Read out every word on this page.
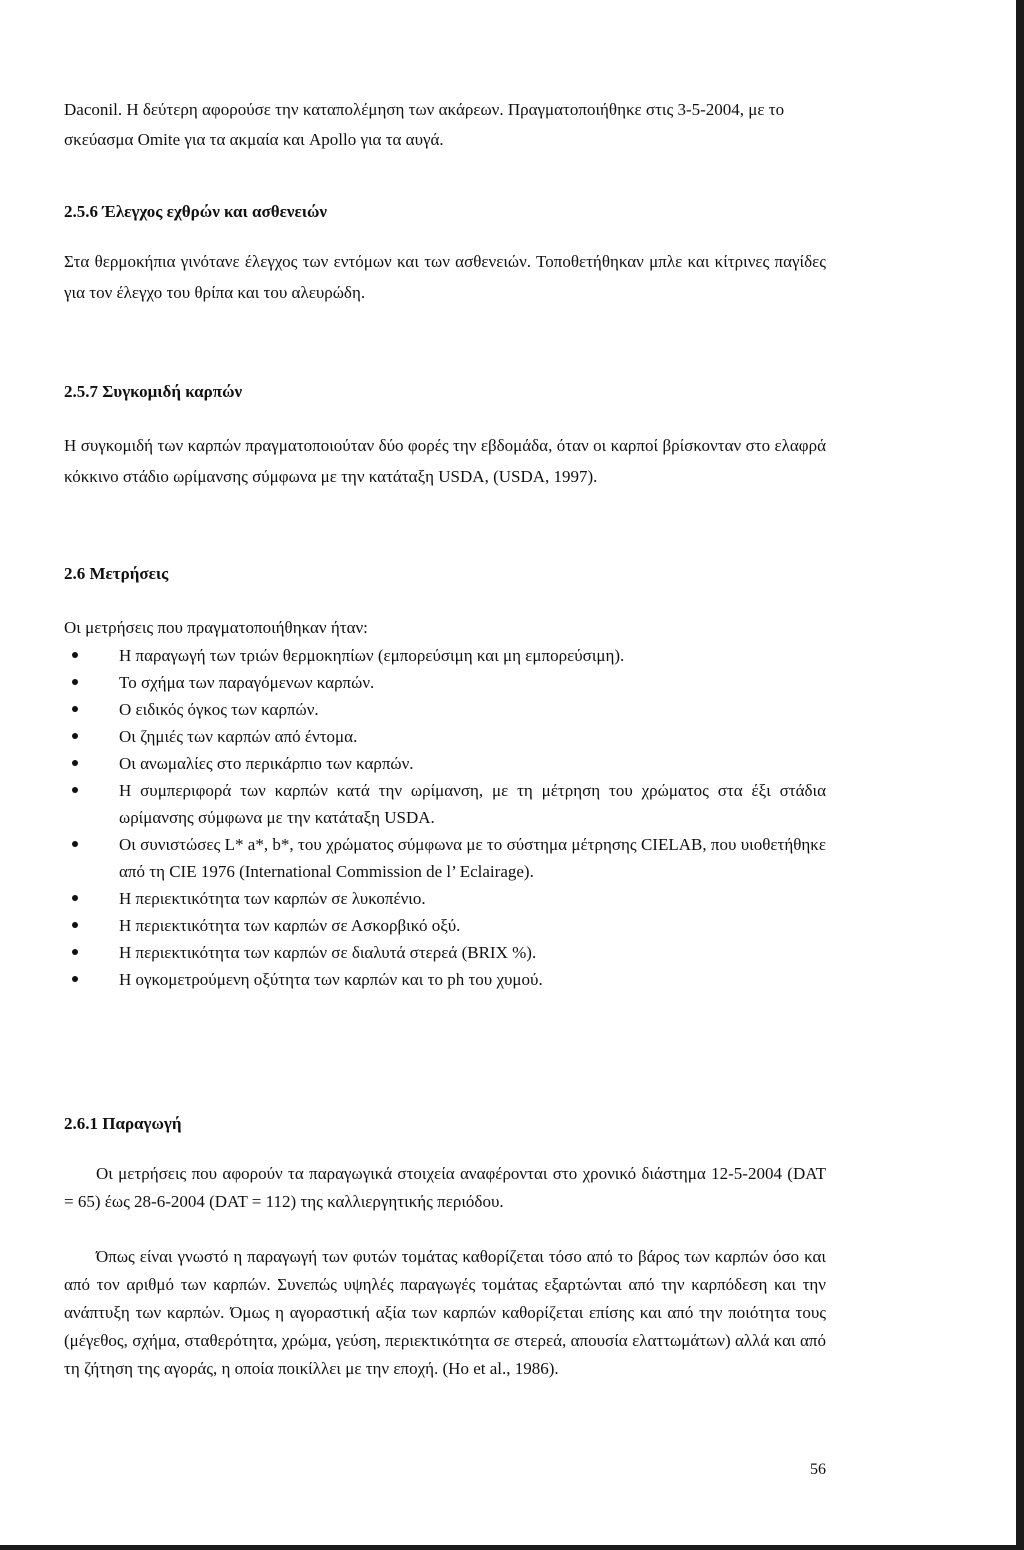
Daconil. Η δεύτερη αφορούσε την καταπολέμηση των ακάρεων. Πραγματοποιήθηκε στις 3-5-2004, με το σκεύασμα Omite για τα ακμαία και Apollo για τα αυγά.

2.5.6 Έλεγχος εχθρών και ασθενειών

Στα θερμοκήπια γινότανε έλεγχος των εντόμων και των ασθενειών. Τοποθετήθηκαν μπλε και κίτρινες παγίδες για τον έλεγχο του θρίπα και του αλευρώδη.

2.5.7 Συγκομιδή καρπών

Η συγκομιδή των καρπών πραγματοποιούταν δύο φορές την εβδομάδα, όταν οι καρποί βρίσκονταν στο ελαφρά κόκκινο στάδιο ωρίμανσης σύμφωνα με την κατάταξη USDA, (USDA, 1997).

2.6 Μετρήσεις

Οι μετρήσεις που πραγματοποιήθηκαν ήταν:

Η παραγωγή των τριών θερμοκηπίων (εμπορεύσιμη και μη εμπορεύσιμη).
Το σχήμα των παραγόμενων καρπών.
Ο ειδικός όγκος των καρπών.
Οι ζημιές των καρπών από έντομα.
Οι ανωμαλίες στο περικάρπιο των καρπών.
Η συμπεριφορά των καρπών κατά την ωρίμανση, με τη μέτρηση του χρώματος στα έξι στάδια ωρίμανσης σύμφωνα με την κατάταξη USDA.
Οι συνιστώσες L* a*, b*, του χρώματος σύμφωνα με το σύστημα μέτρησης CIELAB, που υιοθετήθηκε από τη CIE 1976 (International Commission de l’ Eclairage).
Η περιεκτικότητα των καρπών σε λυκοπένιο.
Η περιεκτικότητα των καρπών σε Ασκορβικό οξύ.
Η περιεκτικότητα των καρπών σε διαλυτά στερεά (BRIX %).
Η ογκομετρούμενη οξύτητα των καρπών και το ph του χυμού.

2.6.1 Παραγωγή

Οι μετρήσεις που αφορούν τα παραγωγικά στοιχεία αναφέρονται στο χρονικό διάστημα 12-5-2004 (DAT = 65) έως 28-6-2004 (DAT = 112) της καλλιεργητικής περιόδου.

Όπως είναι γνωστό η παραγωγή των φυτών τομάτας καθορίζεται τόσο από το βάρος των καρπών όσο και από τον αριθμό των καρπών. Συνεπώς υψηλές παραγωγές τομάτας εξαρτώνται από την καρπόδεση και την ανάπτυξη των καρπών. Όμως η αγοραστική αξία των καρπών καθορίζεται επίσης και από την ποιότητα τους (μέγεθος, σχήμα, σταθερότητα, χρώμα, γεύση, περιεκτικότητα σε στερεά, απουσία ελαττωμάτων) αλλά και από τη ζήτηση της αγοράς, η οποία ποικίλλει με την εποχή. (Ho et al., 1986).

56
